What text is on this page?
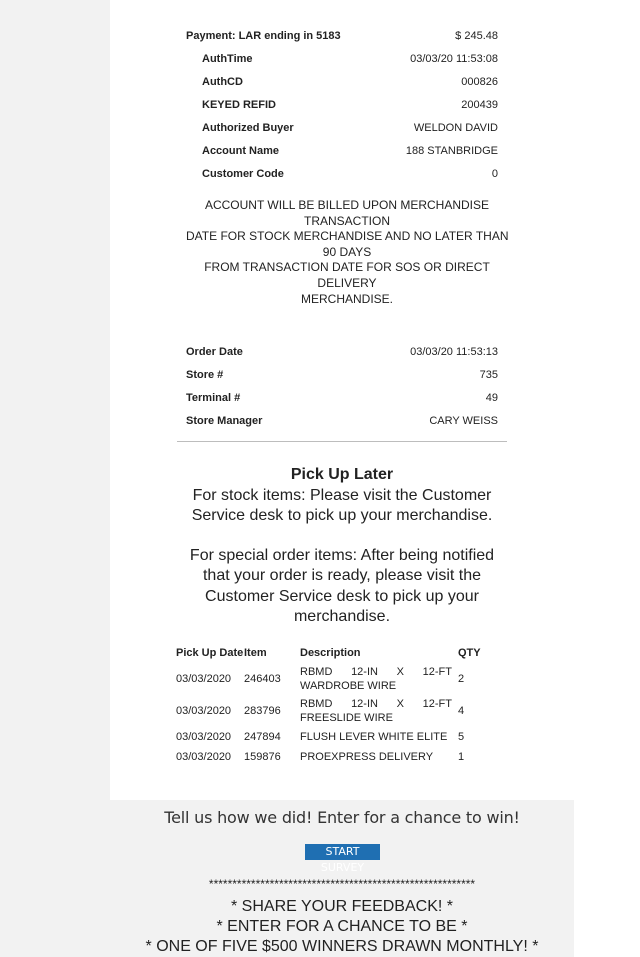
Payment: LAR ending in 5183	$ 245.48
AuthTime	03/03/20 11:53:08
AuthCD	000826
KEYED REFID	200439
Authorized Buyer	WELDON DAVID
Account Name	188 STANBRIDGE
Customer Code	0
ACCOUNT WILL BE BILLED UPON MERCHANDISE
TRANSACTION
DATE FOR STOCK MERCHANDISE AND NO LATER THAN
90 DAYS
FROM TRANSACTION DATE FOR SOS OR DIRECT
DELIVERY
MERCHANDISE.
Order Date	03/03/20 11:53:13
Store #	735
Terminal #	49
Store Manager	CARY WEISS
Pick Up Later
For stock items: Please visit the Customer
Service desk to pick up your merchandise.
For special order items: After being notified
that your order is ready, please visit the
Customer Service desk to pick up your
merchandise.
Pick Up Date	Item	Description	QTY
03/03/2020	246403	RBMD 12-IN X 12-FT
WARDROBE WIRE	2
03/03/2020	283796	RBMD 12-IN X 12-FT
FREESLIDE WIRE	4
03/03/2020	247894	FLUSH LEVER WHITE ELITE	5
03/03/2020	159876	PROEXPRESS DELIVERY	1
Tell us how we did! Enter for a chance to win!
START SURVEY
*********************************************************
* SHARE YOUR FEEDBACK! *
* ENTER FOR A CHANCE TO BE *
* ONE OF FIVE $500 WINNERS DRAWN MONTHLY! *
